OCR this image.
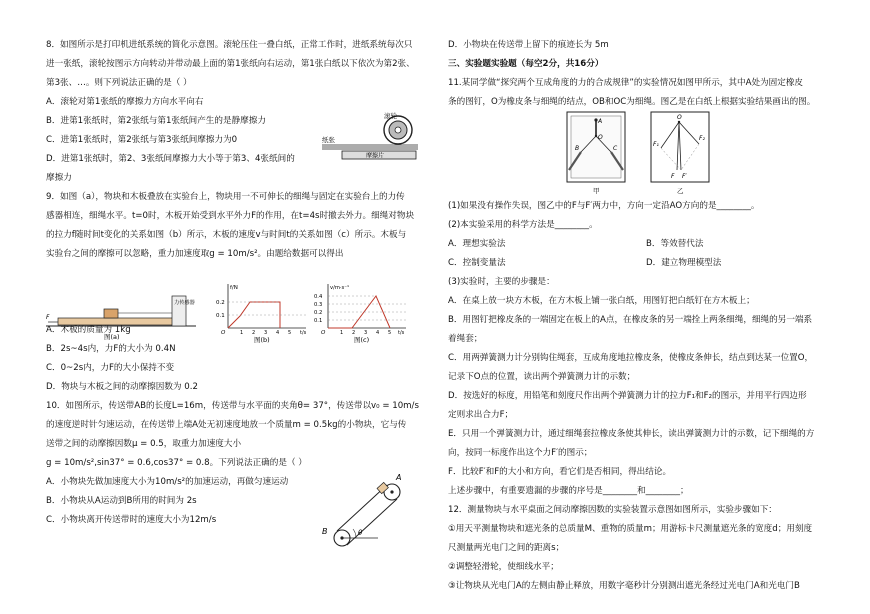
8．如图所示是打印机进纸系统的简化示意图。滚轮压住一叠白纸，正常工作时，进纸系统每次只
进一张纸，滚轮按图示方向转动并带动最上面的第1张纸向右运动，第1张白纸以下依次为第2张、
第3张、…。则下列说法正确的是（ ）
A．滚轮对第1张纸的摩擦力方向水平向右
B．进第1张纸时，第2张纸与第1张纸间产生的是静摩擦力
C．进第1张纸时，第2张纸与第3张纸间摩擦力为0
D．进第1张纸时，第2、3张纸间摩擦力大小等于第3、4张纸间的
摩擦力
9．如图（a），物块和木板叠放在实验台上，物块用一不可伸长的细绳与固定在实验台上的力传
感器相连，细绳水平。t=0时，木板开始受到水平外力F的作用，在t=4s时撤去外力。细绳对物块
的拉力f随时间t变化的关系如图（b）所示，木板的速度v与时间t的关系如图（c）所示。木板与
实验台之间的摩擦可以忽略，重力加速度取g = 10m/s²。由题给数据可以得出
A．木板的质量为 1kg
B．2s~4s内，力F的大小为 0.4N
C．0~2s内，力F的大小保持不变
D．物块与木板之间的动摩擦因数为 0.2
10．如图所示，传送带AB的长度L=16m，传送带与水平面的夹角θ= 37°，传送带以v₀ = 10m/s
的速度逆时针匀速运动，在传送带上端A处无初速度地放一个质量m = 0.5kg的小物块，它与传
送带之间的动摩擦因数μ = 0.5，取重力加速度大小
g = 10m/s²,sin37° = 0.6,cos37° = 0.8。下列说法正确的是（ ）
A．小物块先做加速度大小为10m/s²的加速运动，再做匀速运动
B．小物块从A运动到B所用的时间为 2s
C．小物块离开传送带时的速度大小为12m/s
滚轮
纸张
摩擦片
力传感器
F
图(a)
f/N
0.2
0.1
O	1 2 3 4 5 t/s
图(b)
v/m·s⁻¹
0.4
0.3
0.2
0.1
O	1 2 3 4 5 t/s
图(c)
θ
A
B
D．小物块在传送带上留下的痕迹长为 5m
三、实验题实验题（每空2分，共16分）
11.某同学做“探究两个互成角度的力的合成规律”的实验情况如图甲所示，其中A处为固定橡皮
条的图钉，O为橡皮条与细绳的结点，OB和OC为细绳。图乙是在白纸上根据实验结果画出的图。
(1)如果没有操作失误，图乙中的F与F′两力中，方向一定沿AO方向的是________。
(2)本实验采用的科学方法是________。
A．理想实验法	B．等效替代法
C．控制变量法	D．建立物理模型法
(3)实验时，主要的步骤是：
A．在桌上放一块方木板，在方木板上铺一张白纸，用图钉把白纸钉在方木板上；
B．用图钉把橡皮条的一端固定在板上的A点，在橡皮条的另一端拴上两条细绳，细绳的另一端系
着绳套；
C．用两弹簧测力计分别钩住绳套，互成角度地拉橡皮条，使橡皮条伸长，结点到达某一位置O，
记录下O点的位置，读出两个弹簧测力计的示数；
D．按选好的标度，用铅笔和刻度尺作出两个弹簧测力计的拉力F₁和F₂的图示，并用平行四边形
定则求出合力F；
E．只用一个弹簧测力计，通过细绳套拉橡皮条使其伸长，读出弹簧测力计的示数，记下细绳的方
向，按同一标度作出这个力F′的图示；
F．比较F′和F的大小和方向，看它们是否相同，得出结论。
上述步骤中，有重要遗漏的步骤的序号是________和________；
12．测量物块与水平桌面之间动摩擦因数的实验装置示意图如图所示，实验步骤如下：
①用天平测量物块和遮光条的总质量M、重物的质量m；用游标卡尺测量遮光条的宽度d；用刻度
尺测量两光电门之间的距离s；
②调整轻滑轮，使细线水平；
③让物块从光电门A的左侧由静止释放，用数字毫秒计分别测出遮光条经过光电门A和光电门B
A
O
B	C
甲
O
F₁
F₂
F F′
乙
